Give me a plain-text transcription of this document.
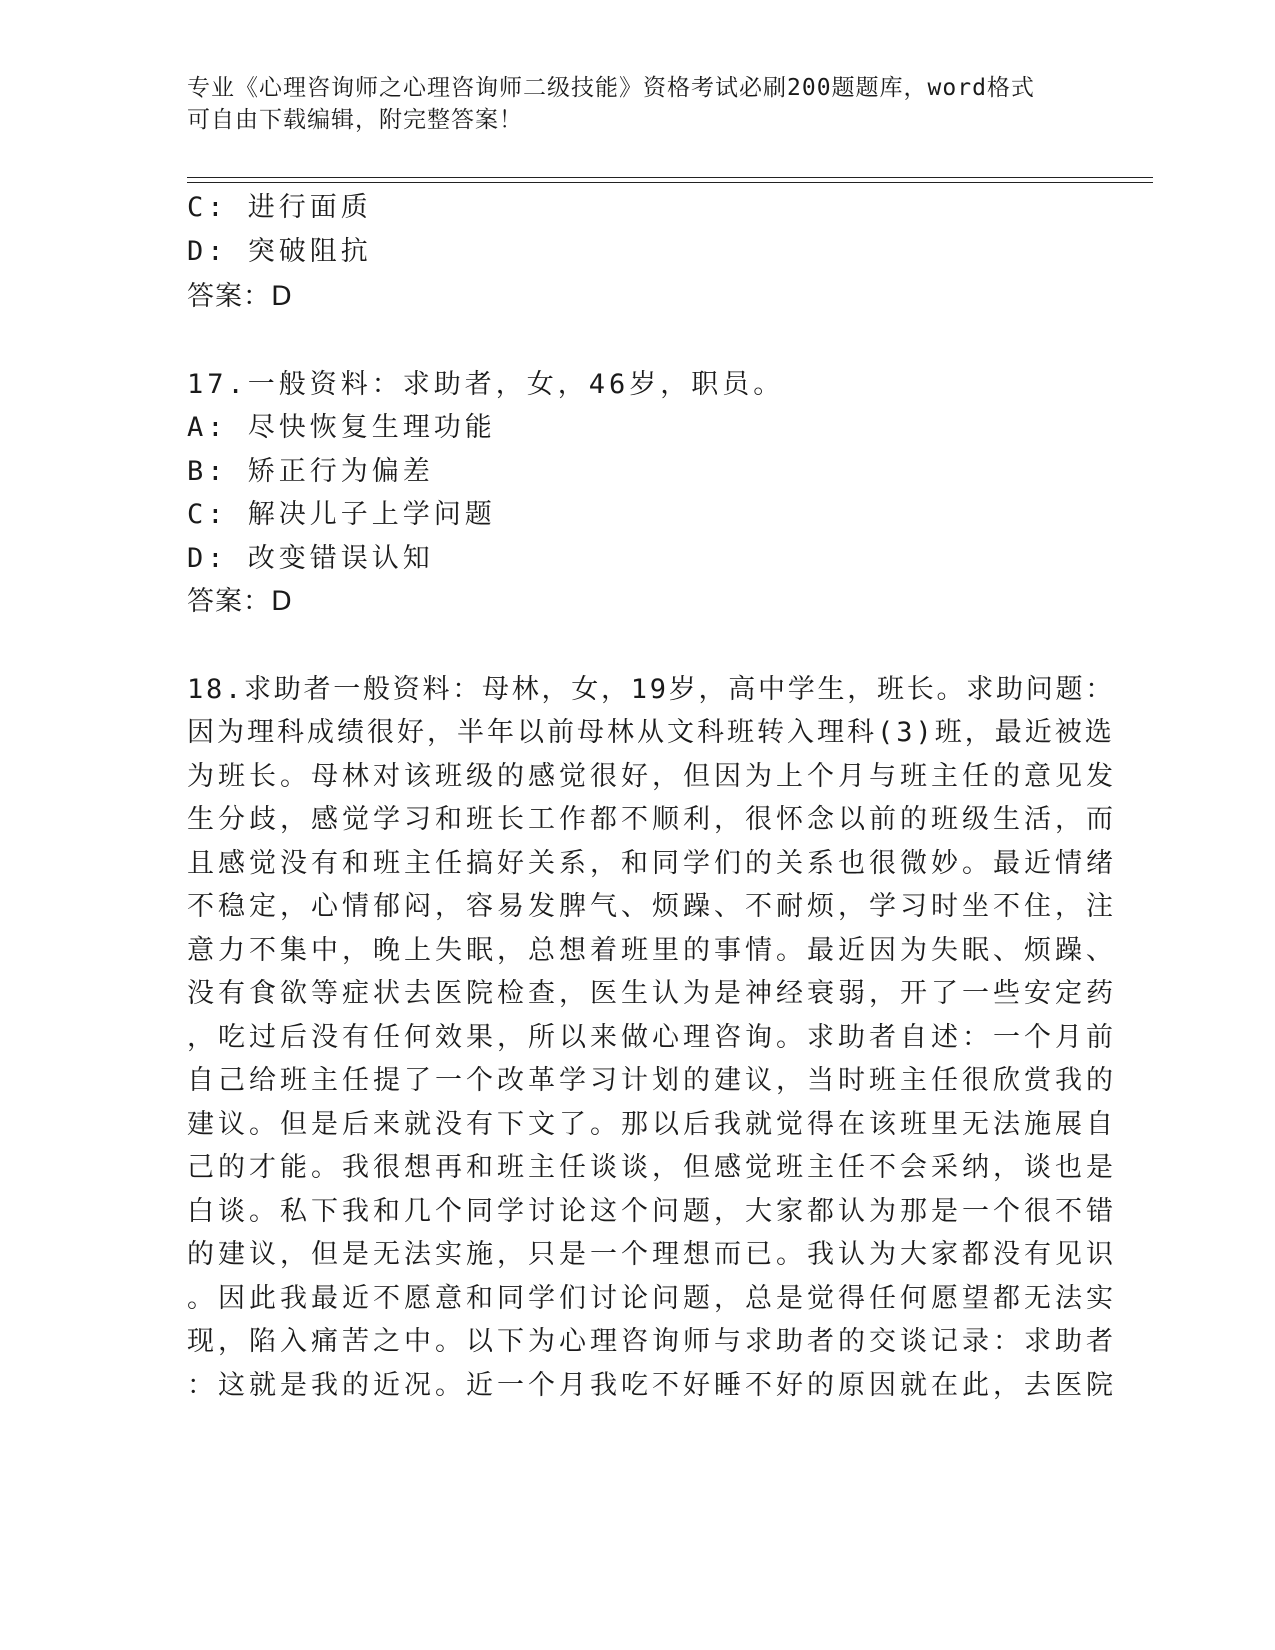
专业《心理咨询师之心理咨询师二级技能》资格考试必刷200题题库，word格式
可自由下载编辑，附完整答案！
C: 进行面质
D: 突破阻抗
答案：D
17.一般资料：求助者，女，46岁，职员。
A: 尽快恢复生理功能
B: 矫正行为偏差
C: 解决儿子上学问题
D: 改变错误认知
答案：D
18.求助者一般资料：母林，女，19岁，高中学生，班长。求助问题：
因为理科成绩很好，半年以前母林从文科班转入理科(3)班，最近被选
为班长。母林对该班级的感觉很好，但因为上个月与班主任的意见发
生分歧，感觉学习和班长工作都不顺利，很怀念以前的班级生活，而
且感觉没有和班主任搞好关系，和同学们的关系也很微妙。最近情绪
不稳定，心情郁闷，容易发脾气、烦躁、不耐烦，学习时坐不住，注
意力不集中，晚上失眠，总想着班里的事情。最近因为失眠、烦躁、
没有食欲等症状去医院检查，医生认为是神经衰弱，开了一些安定药
，吃过后没有任何效果，所以来做心理咨询。求助者自述：一个月前
自己给班主任提了一个改革学习计划的建议，当时班主任很欣赏我的
建议。但是后来就没有下文了。那以后我就觉得在该班里无法施展自
己的才能。我很想再和班主任谈谈，但感觉班主任不会采纳，谈也是
白谈。私下我和几个同学讨论这个问题，大家都认为那是一个很不错
的建议，但是无法实施，只是一个理想而已。我认为大家都没有见识
。因此我最近不愿意和同学们讨论问题，总是觉得任何愿望都无法实
现，陷入痛苦之中。以下为心理咨询师与求助者的交谈记录：求助者
：这就是我的近况。近一个月我吃不好睡不好的原因就在此，去医院
